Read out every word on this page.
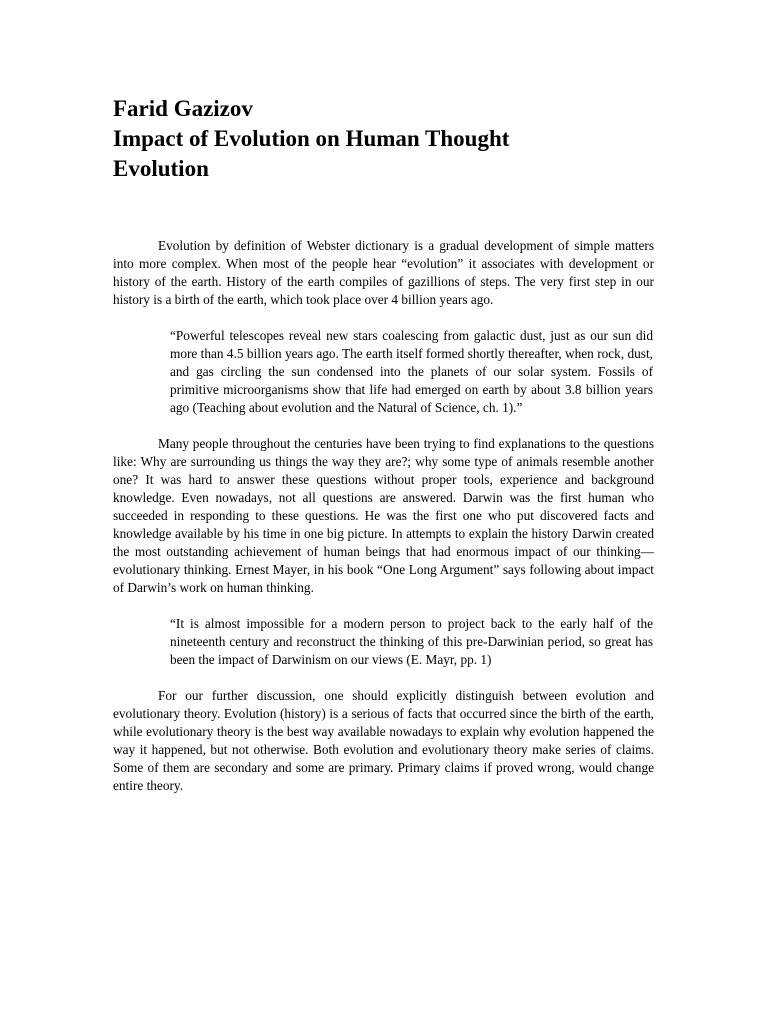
Farid Gazizov
Impact of Evolution on Human Thought
Evolution

Evolution by definition of Webster dictionary is a gradual development of simple matters into more complex. When most of the people hear “evolution” it associates with development or history of the earth. History of the earth compiles of gazillions of steps. The very first step in our history is a birth of the earth, which took place over 4 billion years ago.

“Powerful telescopes reveal new stars coalescing from galactic dust, just as our sun did more than 4.5 billion years ago. The earth itself formed shortly thereafter, when rock, dust, and gas circling the sun condensed into the planets of our solar system. Fossils of primitive microorganisms show that life had emerged on earth by about 3.8 billion years ago (Teaching about evolution and the Natural of Science, ch. 1).”

Many people throughout the centuries have been trying to find explanations to the questions like: Why are surrounding us things the way they are?; why some type of animals resemble another one? It was hard to answer these questions without proper tools, experience and background knowledge. Even nowadays, not all questions are answered. Darwin was the first human who succeeded in responding to these questions. He was the first one who put discovered facts and knowledge available by his time in one big picture. In attempts to explain the history Darwin created the most outstanding achievement of human beings that had enormous impact of our thinking—evolutionary thinking. Ernest Mayer, in his book “One Long Argument” says following about impact of Darwin’s work on human thinking.

“It is almost impossible for a modern person to project back to the early half of the nineteenth century and reconstruct the thinking of this pre-Darwinian period, so great has been the impact of Darwinism on our views (E. Mayr, pp. 1)

For our further discussion, one should explicitly distinguish between evolution and evolutionary theory. Evolution (history) is a serious of facts that occurred since the birth of the earth, while evolutionary theory is the best way available nowadays to explain why evolution happened the way it happened, but not otherwise. Both evolution and evolutionary theory make series of claims. Some of them are secondary and some are primary. Primary claims if proved wrong, would change entire theory.
